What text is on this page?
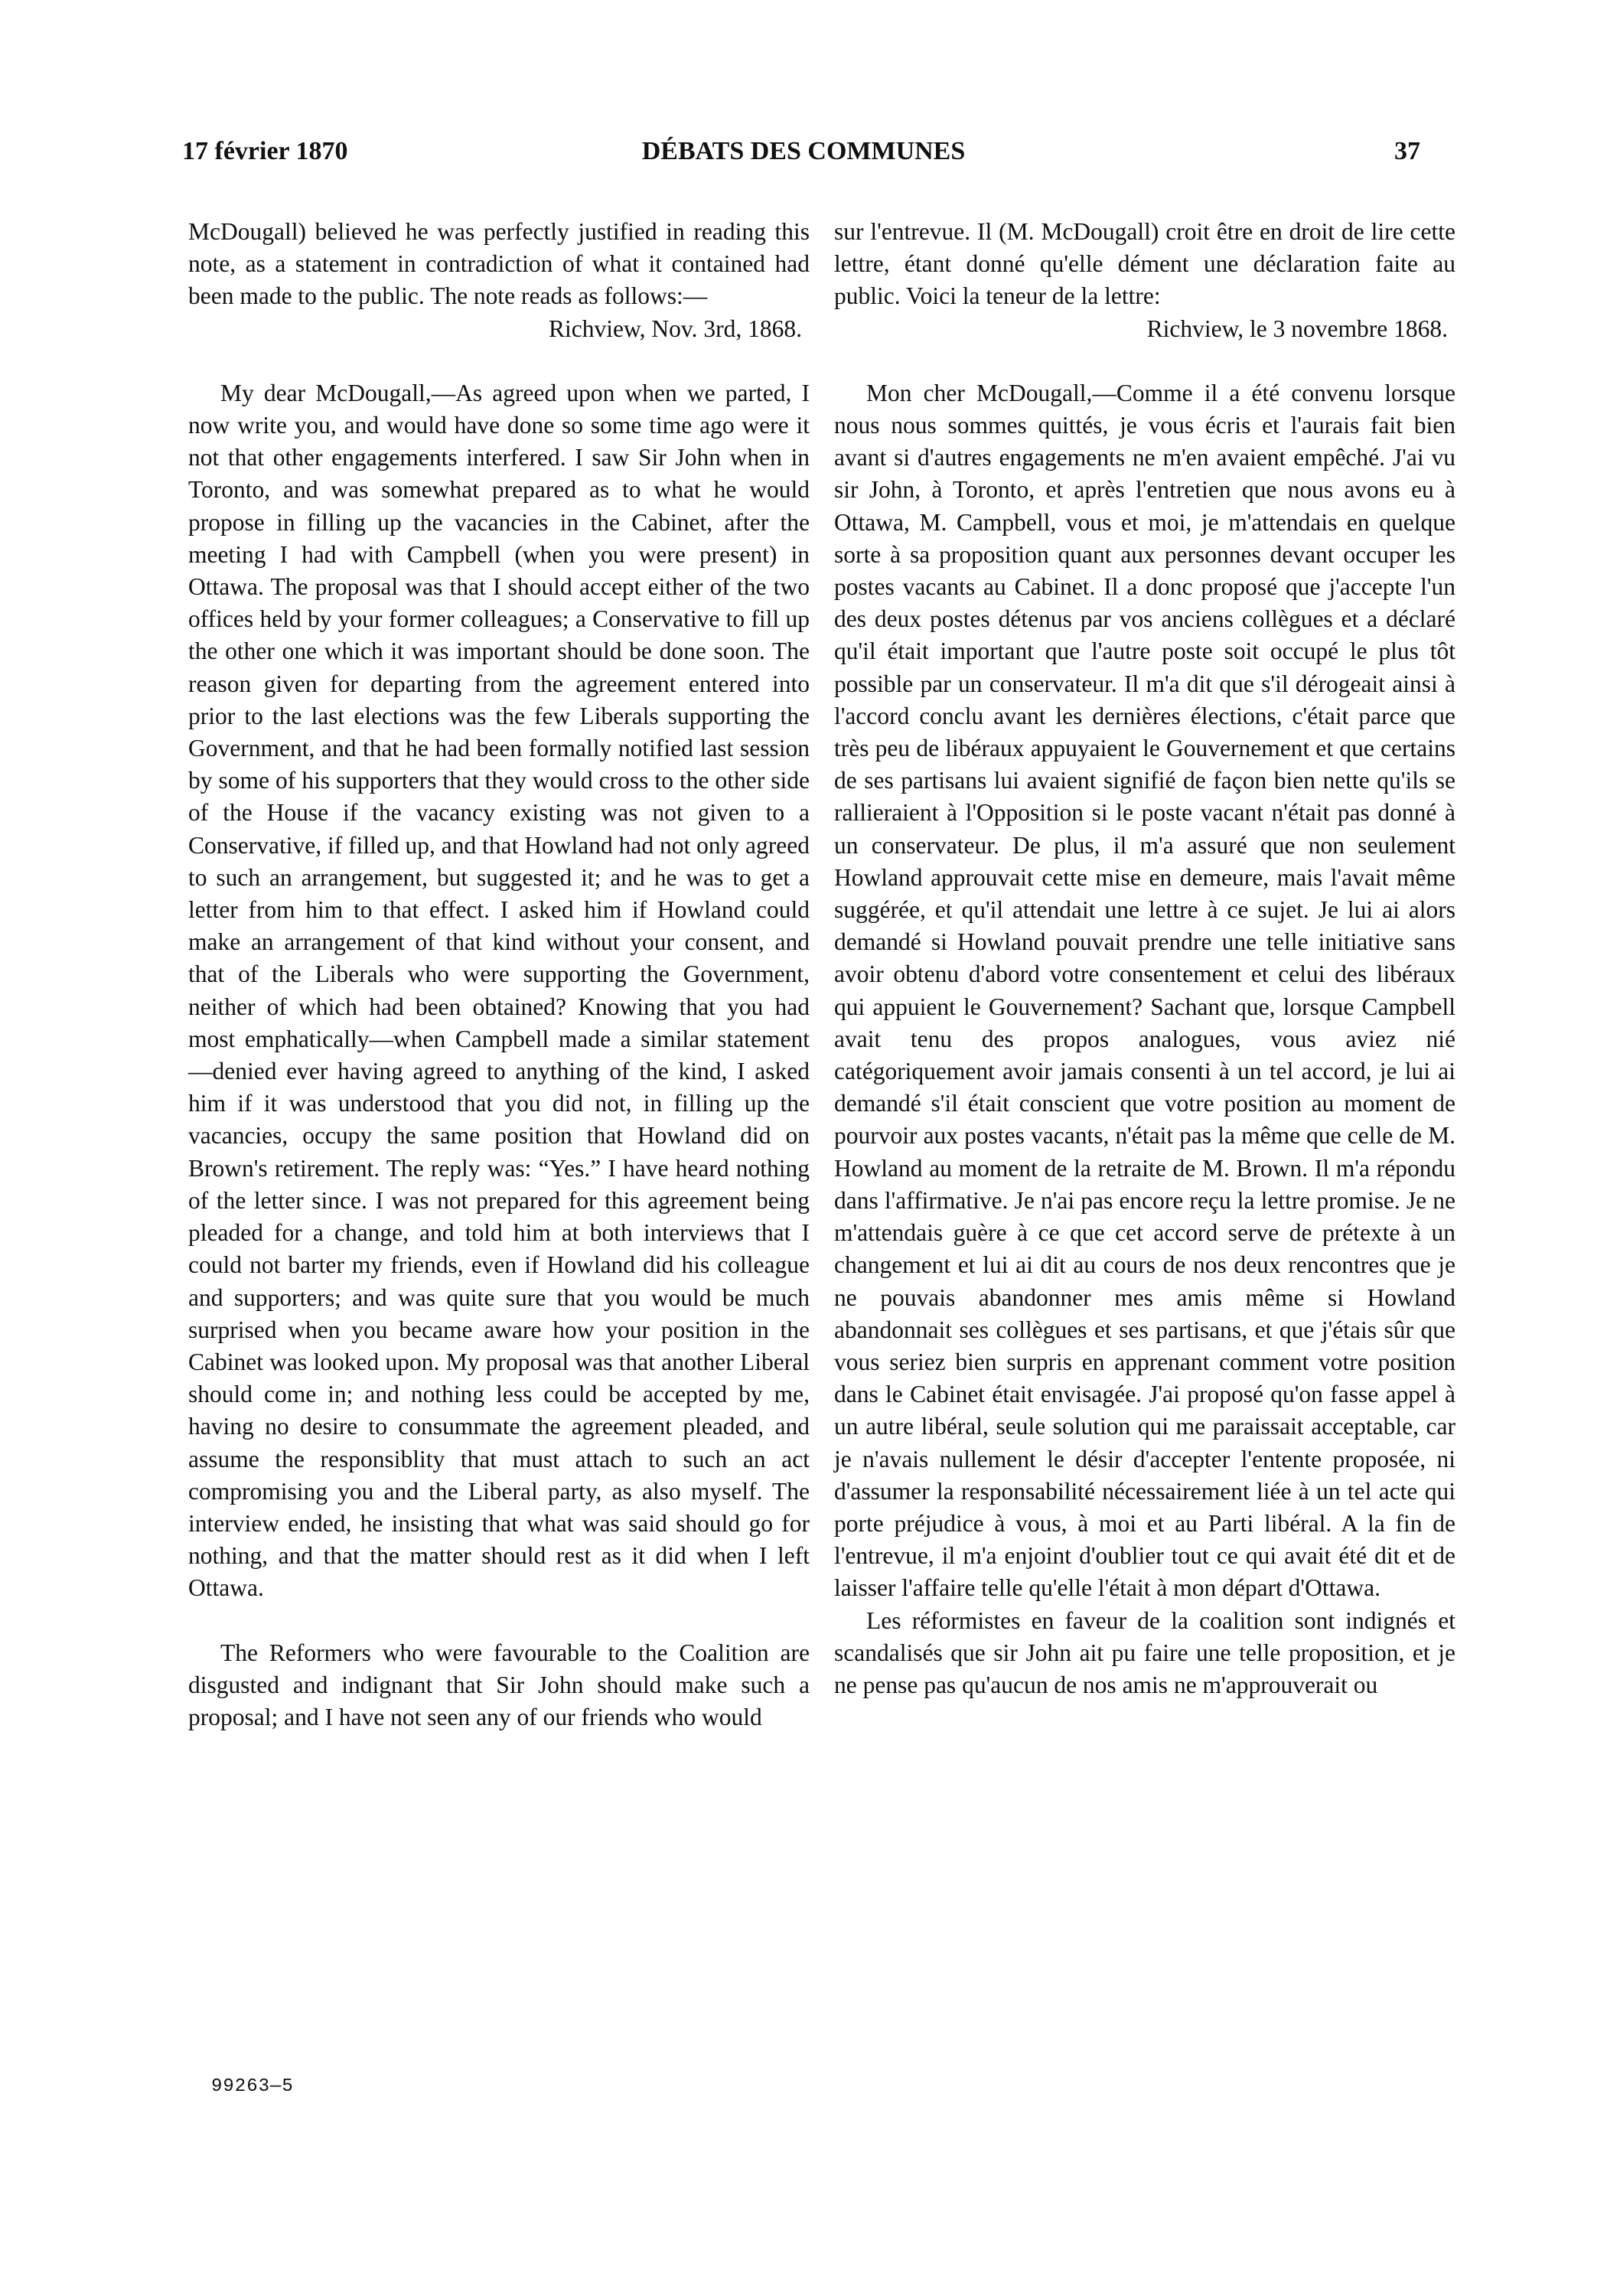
DÉBATS DES COMMUNES
17 février 1870	37

McDougall) believed he was perfectly justified in reading this note, as a statement in contradiction of what it contained had been made to the public. The note reads as follows:—

Richview, Nov. 3rd, 1868.

My dear McDougall,—As agreed upon when we parted, I now write you, and would have done so some time ago were it not that other engagements interfered. I saw Sir John when in Toronto, and was somewhat prepared as to what he would propose in filling up the vacancies in the Cabinet, after the meeting I had with Campbell (when you were present) in Ottawa. The proposal was that I should accept either of the two offices held by your former colleagues; a Conservative to fill up the other one which it was important should be done soon. The reason given for departing from the agreement entered into prior to the last elections was the few Liberals supporting the Government, and that he had been formally notified last session by some of his supporters that they would cross to the other side of the House if the vacancy existing was not given to a Conservative, if filled up, and that Howland had not only agreed to such an arrangement, but suggested it; and he was to get a letter from him to that effect. I asked him if Howland could make an arrangement of that kind without your consent, and that of the Liberals who were supporting the Government, neither of which had been obtained? Knowing that you had most emphatically—when Campbell made a similar statement—denied ever having agreed to anything of the kind, I asked him if it was understood that you did not, in filling up the vacancies, occupy the same position that Howland did on Brown's retirement. The reply was: “Yes.” I have heard nothing of the letter since. I was not prepared for this agreement being pleaded for a change, and told him at both interviews that I could not barter my friends, even if Howland did his colleague and supporters; and was quite sure that you would be much surprised when you became aware how your position in the Cabinet was looked upon. My proposal was that another Liberal should come in; and nothing less could be accepted by me, having no desire to consummate the agreement pleaded, and assume the responsiblity that must attach to such an act compromising you and the Liberal party, as also myself. The interview ended, he insisting that what was said should go for nothing, and that the matter should rest as it did when I left Ottawa.

The Reformers who were favourable to the Coalition are disgusted and indignant that Sir John should make such a proposal; and I have not seen any of our friends who would

sur l'entrevue. Il (M. McDougall) croit être en droit de lire cette lettre, étant donné qu'elle dément une déclaration faite au public. Voici la teneur de la lettre:

Richview, le 3 novembre 1868.

Mon cher McDougall,—Comme il a été convenu lorsque nous nous sommes quittés, je vous écris et l'aurais fait bien avant si d'autres engagements ne m'en avaient empêché. J'ai vu sir John, à Toronto, et après l'entretien que nous avons eu à Ottawa, M. Campbell, vous et moi, je m'attendais en quelque sorte à sa proposition quant aux personnes devant occuper les postes vacants au Cabinet. Il a donc proposé que j'accepte l'un des deux postes détenus par vos anciens collègues et a déclaré qu'il était important que l'autre poste soit occupé le plus tôt possible par un conservateur. Il m'a dit que s'il dérogeait ainsi à l'accord conclu avant les dernières élections, c'était parce que très peu de libéraux appuyaient le Gouvernement et que certains de ses partisans lui avaient signifié de façon bien nette qu'ils se rallieraient à l'Opposition si le poste vacant n'était pas donné à un conservateur. De plus, il m'a assuré que non seulement Howland approuvait cette mise en demeure, mais l'avait même suggérée, et qu'il attendait une lettre à ce sujet. Je lui ai alors demandé si Howland pouvait prendre une telle initiative sans avoir obtenu d'abord votre consentement et celui des libéraux qui appuient le Gouvernement? Sachant que, lorsque Campbell avait tenu des propos analogues, vous aviez nié catégoriquement avoir jamais consenti à un tel accord, je lui ai demandé s'il était conscient que votre position au moment de pourvoir aux postes vacants, n'était pas la même que celle de M. Howland au moment de la retraite de M. Brown. Il m'a répondu dans l'affirmative. Je n'ai pas encore reçu la lettre promise. Je ne m'attendais guère à ce que cet accord serve de prétexte à un changement et lui ai dit au cours de nos deux rencontres que je ne pouvais abandonner mes amis même si Howland abandonnait ses collègues et ses partisans, et que j'étais sûr que vous seriez bien surpris en apprenant comment votre position dans le Cabinet était envisagée. J'ai proposé qu'on fasse appel à un autre libéral, seule solution qui me paraissait acceptable, car je n'avais nullement le désir d'accepter l'entente proposée, ni d'assumer la responsabilité nécessairement liée à un tel acte qui porte préjudice à vous, à moi et au Parti libéral. A la fin de l'entrevue, il m'a enjoint d'oublier tout ce qui avait été dit et de laisser l'affaire telle qu'elle l'était à mon départ d'Ottawa.

Les réformistes en faveur de la coalition sont indignés et scandalisés que sir John ait pu faire une telle proposition, et je ne pense pas qu'aucun de nos amis ne m'approuverait ou

99263—5
